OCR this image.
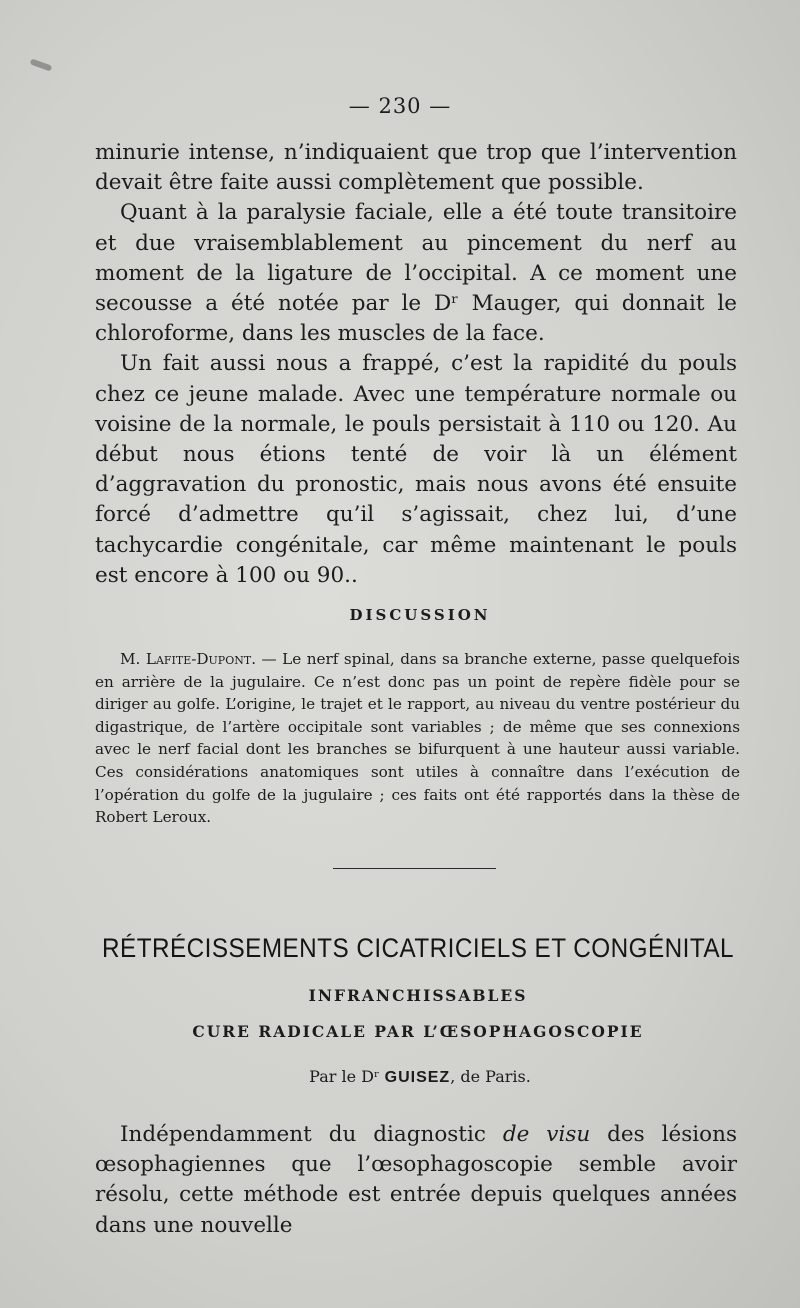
— 230 —

minurie intense, n’indiquaient que trop que l’intervention devait être faite aussi complètement que possible.

Quant à la paralysie faciale, elle a été toute transitoire et due vraisemblablement au pincement du nerf au moment de la ligature de l’occipital. A ce moment une secousse a été notée par le Dʳ Mauger, qui donnait le chloroforme, dans les muscles de la face.

Un fait aussi nous a frappé, c’est la rapidité du pouls chez ce jeune malade. Avec une température normale ou voisine de la normale, le pouls persistait à 110 ou 120. Au début nous étions tenté de voir là un élément d’aggravation du pronostic, mais nous avons été ensuite forcé d’admettre qu’il s’agissait, chez lui, d’une tachycardie congénitale, car même maintenant le pouls est encore à 100 ou 90..

DISCUSSION

M. Lafite-Dupont. — Le nerf spinal, dans sa branche externe, passe quelquefois en arrière de la jugulaire. Ce n’est donc pas un point de repère fidèle pour se diriger au golfe. L’origine, le trajet et le rapport, au niveau du ventre postérieur du digastrique, de l’artère occipitale sont variables ; de même que ses connexions avec le nerf facial dont les branches se bifurquent à une hauteur aussi variable. Ces considérations anatomiques sont utiles à connaître dans l’exécution de l’opération du golfe de la jugulaire ; ces faits ont été rapportés dans la thèse de Robert Leroux.

RÉTRÉCISSEMENTS CICATRICIELS ET CONGÉNITAL
INFRANCHISSABLES
CURE RADICALE PAR L’ŒSOPHAGOSCOPIE
Par le Dʳ GUISEZ, de Paris.

Indépendamment du diagnostic de visu des lésions œsophagiennes que l’œsophagoscopie semble avoir résolu, cette méthode est entrée depuis quelques années dans une nouvelle
